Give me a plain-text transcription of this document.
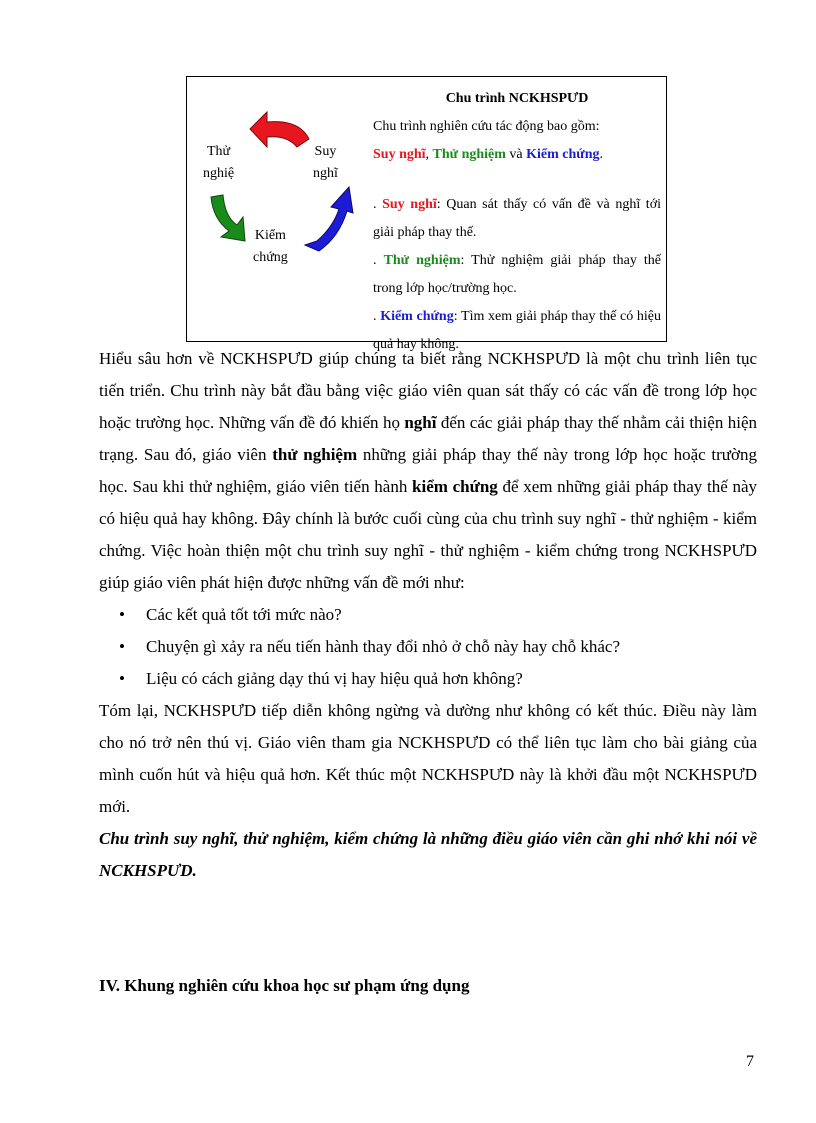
Thử
nghiệ
Suy
nghĩ
Kiểm
chứng

Chu trình NCKHSPƯD

Chu trình nghiên cứu tác động bao gồm:
Suy nghĩ, Thử nghiệm và Kiểm chứng.

. Suy nghĩ: Quan sát thấy có vấn đề và nghĩ tới giải pháp thay thế.

. Thử nghiệm: Thử nghiệm giải pháp thay thế trong lớp học/trường học.

. Kiểm chứng: Tìm xem giải pháp thay thế có hiệu quả hay không.

Hiểu sâu hơn về NCKHSPƯD giúp chúng ta biết rằng NCKHSPƯD là một chu trình liên tục tiến triển. Chu trình này bắt đầu bằng việc giáo viên quan sát thấy có các vấn đề trong lớp học hoặc trường học. Những vấn đề đó khiến họ nghĩ đến các giải pháp thay thế nhằm cải thiện hiện trạng. Sau đó, giáo viên thử nghiệm những giải pháp thay thế này trong lớp học hoặc trường học. Sau khi thử nghiệm, giáo viên tiến hành kiểm chứng để xem những giải pháp thay thế này có hiệu quả hay không. Đây chính là bước cuối cùng của chu trình suy nghĩ - thử nghiệm - kiểm chứng. Việc hoàn thiện một chu trình suy nghĩ - thử nghiệm - kiểm chứng trong NCKHSPƯD giúp giáo viên phát hiện được những vấn đề mới như:

• Các kết quả tốt tới mức nào?
• Chuyện gì xảy ra nếu tiến hành thay đổi nhỏ ở chỗ này hay chỗ khác?
• Liệu có cách giảng dạy thú vị hay hiệu quả hơn không?

Tóm lại, NCKHSPƯD tiếp diễn không ngừng và dường như không có kết thúc. Điều này làm cho nó trở nên thú vị. Giáo viên tham gia NCKHSPƯD có thể liên tục làm cho bài giảng của mình cuốn hút và hiệu quả hơn. Kết thúc một NCKHSPƯD này là khởi đầu một NCKHSPƯD mới.

Chu trình suy nghĩ, thử nghiệm, kiểm chứng là những điều giáo viên cần ghi nhớ khi nói về NCKHSPƯD.

IV. Khung nghiên cứu khoa học sư phạm ứng dụng
7
